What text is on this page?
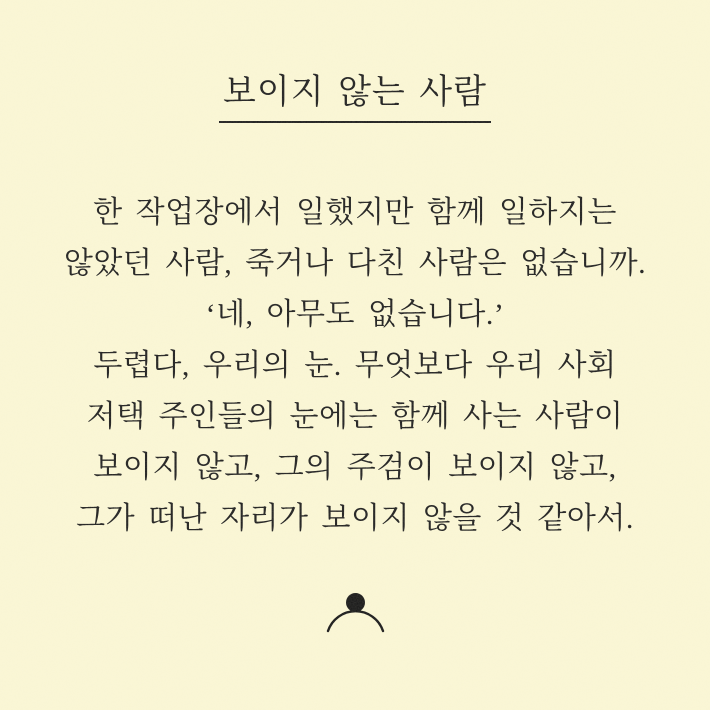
보이지 않는 사람

한 작업장에서 일했지만 함께 일하지는

않았던 사람, 죽거나 다친 사람은 없습니까.

‘네, 아무도 없습니다.’

두렵다, 우리의 눈. 무엇보다 우리 사회

저택 주인들의 눈에는 함께 사는 사람이

보이지 않고, 그의 주검이 보이지 않고,

그가 떠난 자리가 보이지 않을 것 같아서.
